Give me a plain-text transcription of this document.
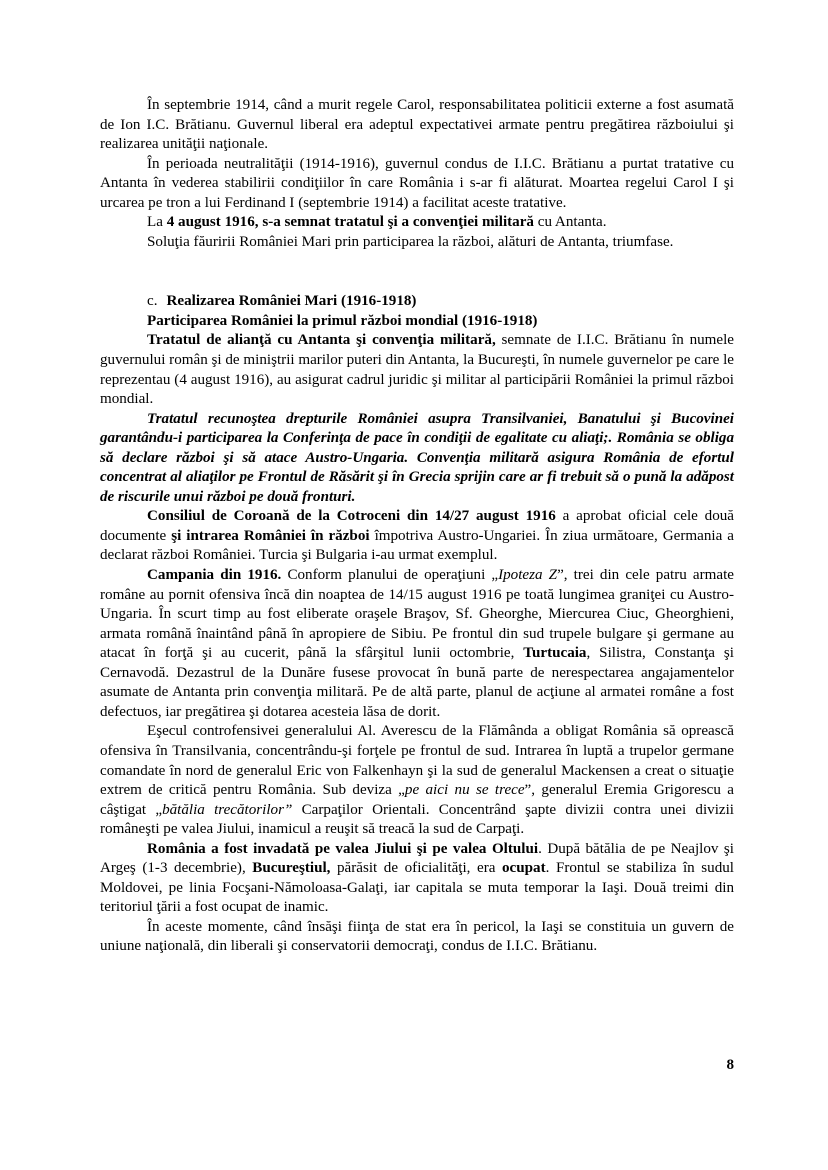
În septembrie 1914, când a murit regele Carol, responsabilitatea politicii externe a fost asumată de Ion I.C. Brătianu. Guvernul liberal era adeptul expectativei armate pentru pregătirea războiului şi realizarea unităţii naţionale.

În perioada neutralităţii (1914-1916), guvernul condus de I.I.C. Brătianu a purtat tratative cu Antanta în vederea stabilirii condiţiilor în care România i s-ar fi alăturat. Moartea regelui Carol I şi urcarea pe tron a lui Ferdinand I (septembrie 1914) a facilitat aceste tratative.

La 4 august 1916, s-a semnat tratatul şi a convenţiei militară cu Antanta.

Soluţia făuririi României Mari prin participarea la război, alături de Antanta, triumfase.

c. Realizarea României Mari (1916-1918)

Participarea României la primul război mondial (1916-1918)

Tratatul de alianţă cu Antanta şi convenţia militară, semnate de I.I.C. Brătianu în numele guvernului român şi de miniştrii marilor puteri din Antanta, la Bucureşti, în numele guvernelor pe care le reprezentau (4 august 1916), au asigurat cadrul juridic şi militar al participării României la primul război mondial.

Tratatul recunoştea drepturile României asupra Transilvaniei, Banatului şi Bucovinei garantându-i participarea la Conferinţa de pace în condiţii de egalitate cu aliaţi;. România se obliga să declare război şi să atace Austro-Ungaria. Convenţia militară asigura România de efortul concentrat al aliaţilor pe Frontul de Răsărit şi în Grecia sprijin care ar fi trebuit să o pună la adăpost de riscurile unui război pe două fronturi.

Consiliul de Coroană de la Cotroceni din 14/27 august 1916 a aprobat oficial cele două documente şi intrarea României în război împotriva Austro-Ungariei. În ziua următoare, Germania a declarat război României. Turcia şi Bulgaria i-au urmat exemplul.

Campania din 1916. Conform planului de operaţiuni „Ipoteza Z”, trei din cele patru armate române au pornit ofensiva încă din noaptea de 14/15 august 1916 pe toată lungimea graniţei cu Austro-Ungaria. În scurt timp au fost eliberate oraşele Braşov, Sf. Gheorghe, Miercurea Ciuc, Gheorghieni, armata română înaintând până în apropiere de Sibiu. Pe frontul din sud trupele bulgare şi germane au atacat în forţă şi au cucerit, până la sfârşitul lunii octombrie, Turtucaia, Silistra, Constanţa şi Cernavodă. Dezastrul de la Dunăre fusese provocat în bună parte de nerespectarea angajamentelor asumate de Antanta prin convenţia militară. Pe de altă parte, planul de acţiune al armatei române a fost defectuos, iar pregătirea şi dotarea acesteia lăsa de dorit.

Eşecul controfensivei generalului Al. Averescu de la Flămânda a obligat România să oprească ofensiva în Transilvania, concentrându-şi forţele pe frontul de sud. Intrarea în luptă a trupelor germane comandate în nord de generalul Eric von Falkenhayn şi la sud de generalul Mackensen a creat o situaţie extrem de critică pentru România. Sub deviza „pe aici nu se trece”, generalul Eremia Grigorescu a câştigat „bătălia trecătorilor” Carpaţilor Orientali. Concentrând şapte divizii contra unei divizii româneşti pe valea Jiului, inamicul a reuşit să treacă la sud de Carpaţi.

România a fost invadată pe valea Jiului şi pe valea Oltului. După bătălia de pe Neajlov şi Argeş (1-3 decembrie), Bucureştiul, părăsit de oficialităţi, era ocupat. Frontul se stabiliza în sudul Moldovei, pe linia Focşani-Nămoloasa-Galaţi, iar capitala se muta temporar la Iaşi. Două treimi din teritoriul ţării a fost ocupat de inamic.

În aceste momente, când însăşi fiinţa de stat era în pericol, la Iaşi se constituia un guvern de uniune naţională, din liberali şi conservatorii democraţi, condus de I.I.C. Brătianu.

8
